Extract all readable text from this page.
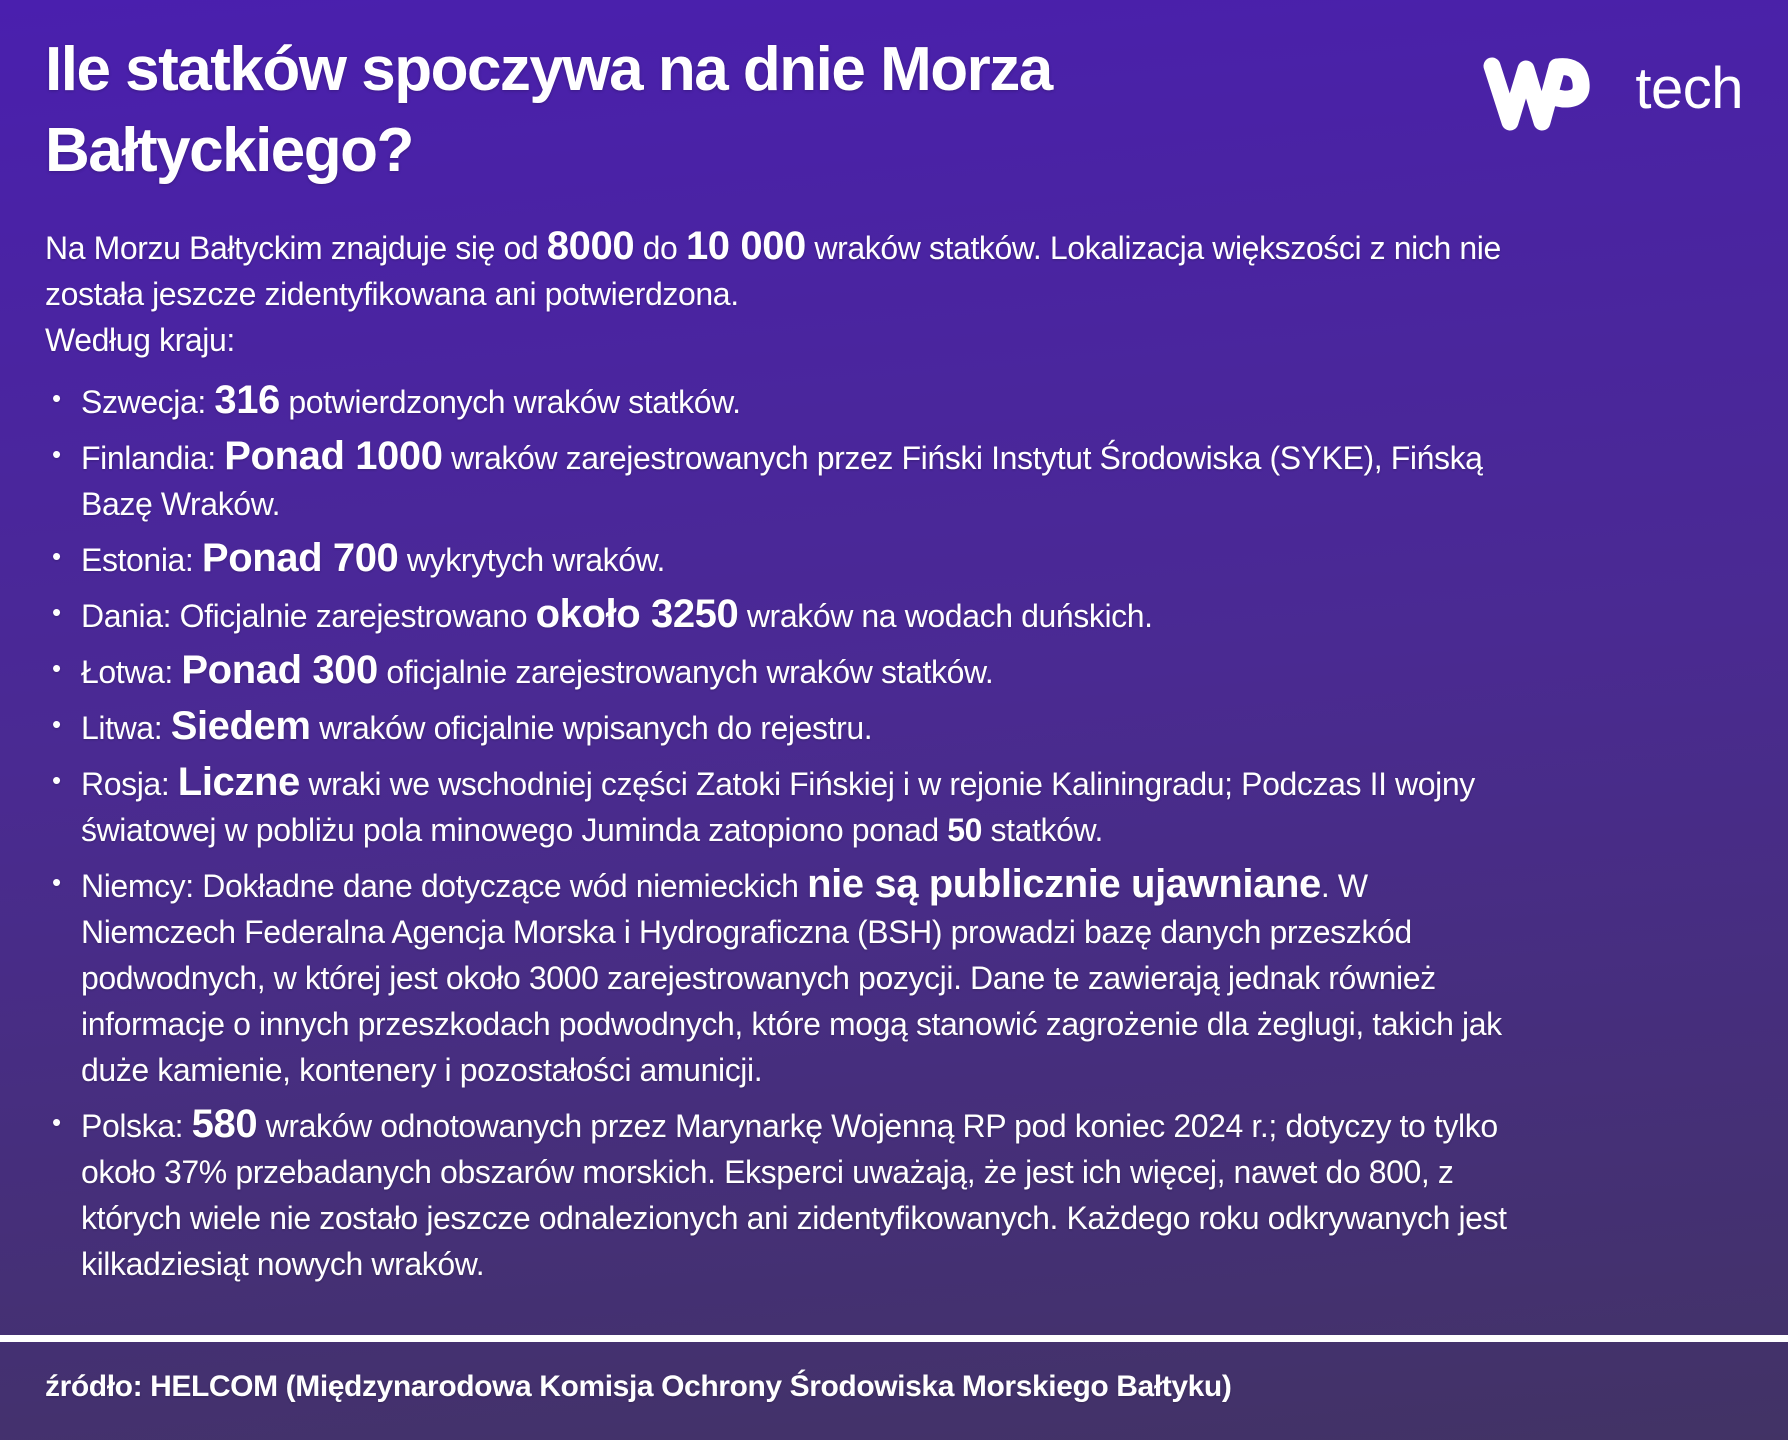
Ile statków spoczywa na dnie Morza Bałtyckiego?
tech

Na Morzu Bałtyckim znajduje się od 8000 do 10 000 wraków statków. Lokalizacja większości z nich nie została jeszcze zidentyfikowana ani potwierdzona.

Według kraju:

• Szwecja: 316 potwierdzonych wraków statków.
• Finlandia: Ponad 1000 wraków zarejestrowanych przez Fiński Instytut Środowiska (SYKE), Fińską Bazę Wraków.
• Estonia: Ponad 700 wykrytych wraków.
• Dania: Oficjalnie zarejestrowano około 3250 wraków na wodach duńskich.
• Łotwa: Ponad 300 oficjalnie zarejestrowanych wraków statków.
• Litwa: Siedem wraków oficjalnie wpisanych do rejestru.
• Rosja: Liczne wraki we wschodniej części Zatoki Fińskiej i w rejonie Kaliningradu; Podczas II wojny światowej w pobliżu pola minowego Juminda zatopiono ponad 50 statków.
• Niemcy: Dokładne dane dotyczące wód niemieckich nie są publicznie ujawniane. W Niemczech Federalna Agencja Morska i Hydrograficzna (BSH) prowadzi bazę danych przeszkód podwodnych, w której jest około 3000 zarejestrowanych pozycji. Dane te zawierają jednak również informacje o innych przeszkodach podwodnych, które mogą stanowić zagrożenie dla żeglugi, takich jak duże kamienie, kontenery i pozostałości amunicji.
• Polska: 580 wraków odnotowanych przez Marynarkę Wojenną RP pod koniec 2024 r.; dotyczy to tylko około 37% przebadanych obszarów morskich. Eksperci uważają, że jest ich więcej, nawet do 800, z których wiele nie zostało jeszcze odnalezionych ani zidentyfikowanych. Każdego roku odkrywanych jest kilkadziesiąt nowych wraków.

źródło: HELCOM (Międzynarodowa Komisja Ochrony Środowiska Morskiego Bałtyku)
